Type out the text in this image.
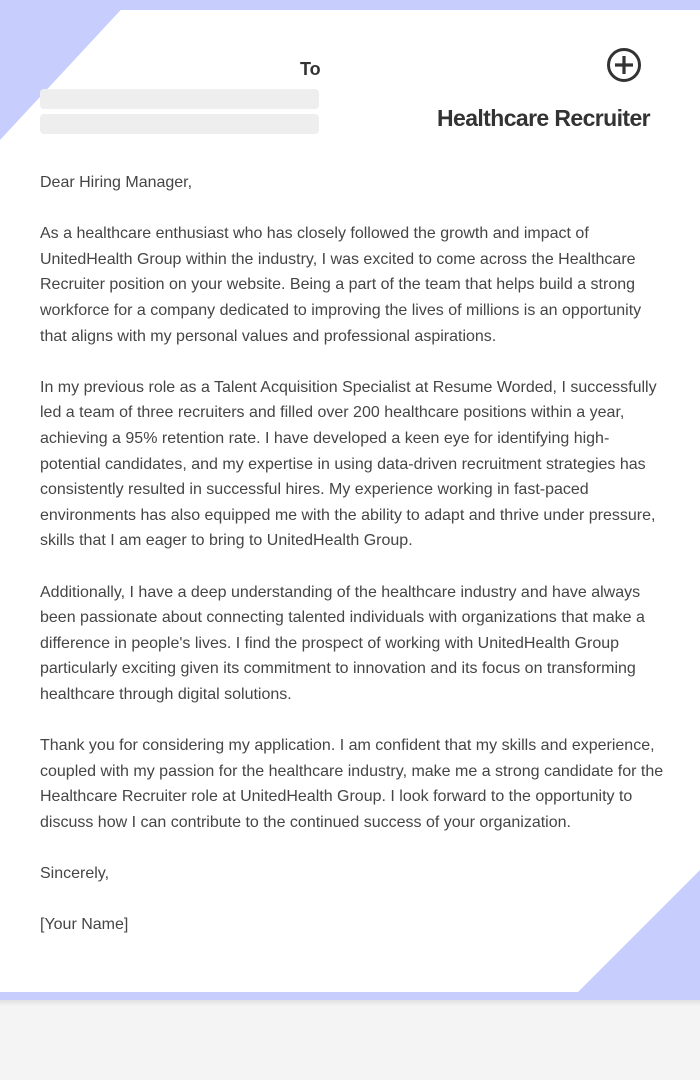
To
Healthcare Recruiter

Dear Hiring Manager,

As a healthcare enthusiast who has closely followed the growth and impact of UnitedHealth Group within the industry, I was excited to come across the Healthcare Recruiter position on your website. Being a part of the team that helps build a strong workforce for a company dedicated to improving the lives of millions is an opportunity that aligns with my personal values and professional aspirations.

In my previous role as a Talent Acquisition Specialist at Resume Worded, I successfully led a team of three recruiters and filled over 200 healthcare positions within a year, achieving a 95% retention rate. I have developed a keen eye for identifying high-potential candidates, and my expertise in using data-driven recruitment strategies has consistently resulted in successful hires. My experience working in fast-paced environments has also equipped me with the ability to adapt and thrive under pressure, skills that I am eager to bring to UnitedHealth Group.

Additionally, I have a deep understanding of the healthcare industry and have always been passionate about connecting talented individuals with organizations that make a difference in people's lives. I find the prospect of working with UnitedHealth Group particularly exciting given its commitment to innovation and its focus on transforming healthcare through digital solutions.

Thank you for considering my application. I am confident that my skills and experience, coupled with my passion for the healthcare industry, make me a strong candidate for the Healthcare Recruiter role at UnitedHealth Group. I look forward to the opportunity to discuss how I can contribute to the continued success of your organization.

Sincerely,

[Your Name]
